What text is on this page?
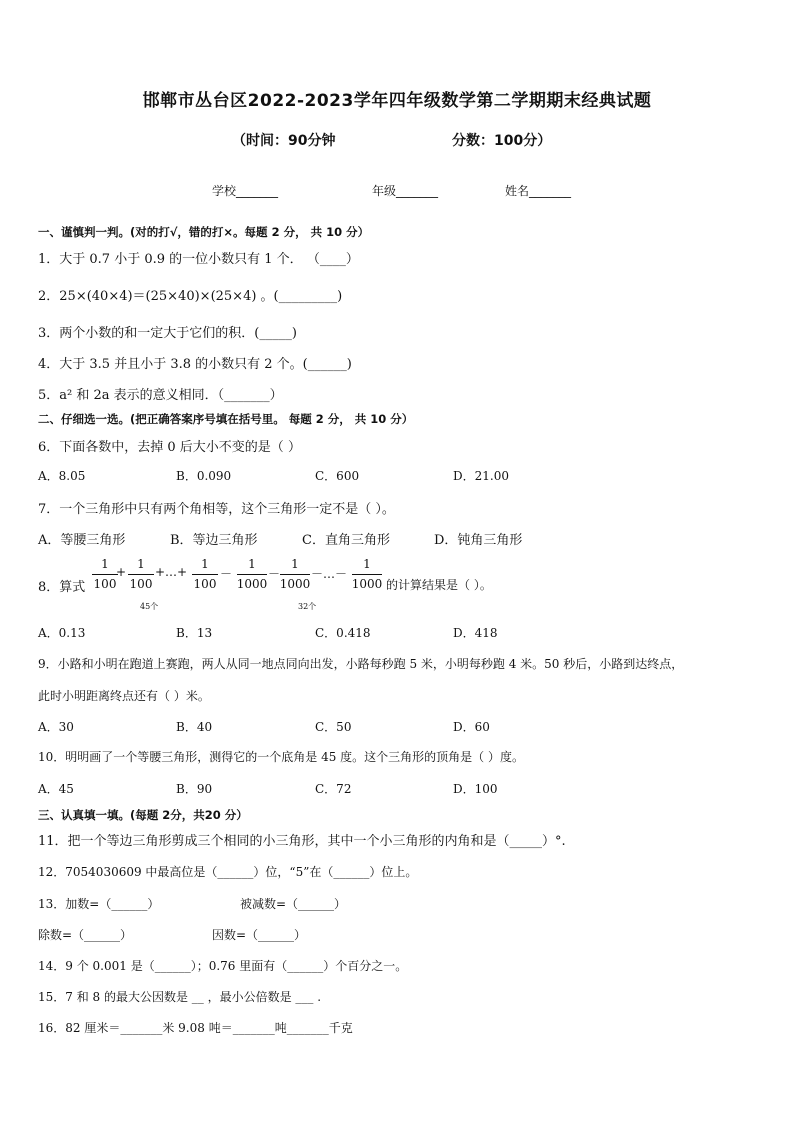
邯郸市丛台区2022-2023学年四年级数学第二学期期末经典试题
（时间：90分钟	分数：100分）
学校_______	年级_______	姓名_______
一、谨慎判一判。(对的打√，错的打×。每题 2 分， 共 10 分）
1．大于 0.7 小于 0.9 的一位小数只有 1 个． （____）
2．25×(40×4)＝(25×40)×(25×4) 。(_________)
3．两个小数的和一定大于它们的积．(_____)
4．大于 3.5 并且小于 3.8 的小数只有 2 个。(______)
5．a² 和 2a 表示的意义相同．（_______）
二、仔细选一选。(把正确答案序号填在括号里。 每题 2 分， 共 10 分）
6．下面各数中，去掉 0 后大小不变的是（ ）
A．8.05	B．0.090	C．600	D．21.00
7．一个三角形中只有两个角相等，这个三角形一定不是（ ）。
A．等腰三角形	B．等边三角形	C．直角三角形	D．钝角三角形
8．算式
1
100
+
1
100
+…+
1
100
－
1
1000
－
1
1000
－…－
1
1000
45个	32个
的计算结果是（ ）。
A．0.13	B．13	C．0.418	D．418
9．小路和小明在跑道上赛跑，两人从同一地点同向出发，小路每秒跑 5 米，小明每秒跑 4 米。50 秒后，小路到达终点，
此时小明距离终点还有（ ）米。
A．30	B．40	C．50	D．60
10．明明画了一个等腰三角形，测得它的一个底角是 45 度。这个三角形的顶角是（ ）度。
A．45	B．90	C．72	D．100
三、认真填一填。(每题 2分，共20 分）
11．把一个等边三角形剪成三个相同的小三角形，其中一个小三角形的内角和是（_____）°.
12．7054030609 中最高位是（______）位，“5”在（______）位上。
13．加数=（______）	被减数=（______）
除数=（______）	因数=（______）
14．9 个 0.001 是（______）；0.76 里面有（______）个百分之一。
15．7 和 8 的最大公因数是 __ ，最小公倍数是 ___ .
16．82 厘米＝_______米 9.08 吨＝_______吨_______千克
